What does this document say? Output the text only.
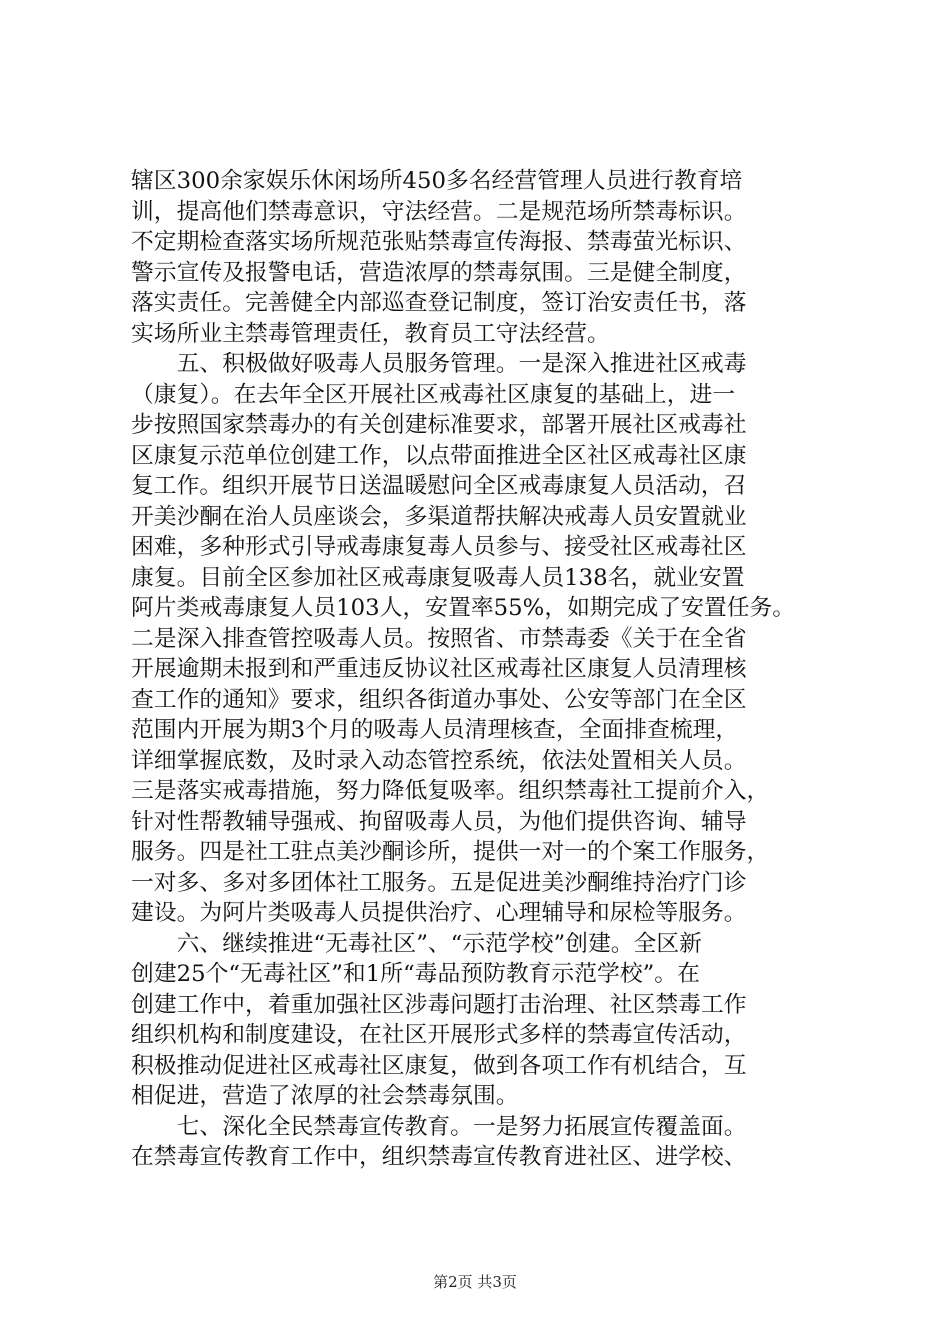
辖区300余家娱乐休闲场所450多名经营管理人员进行教育培
训，提高他们禁毒意识，守法经营。二是规范场所禁毒标识。
不定期检查落实场所规范张贴禁毒宣传海报、禁毒萤光标识、
警示宣传及报警电话，营造浓厚的禁毒氛围。三是健全制度，
落实责任。完善健全内部巡查登记制度，签订治安责任书，落
实场所业主禁毒管理责任，教育员工守法经营。
　　五、积极做好吸毒人员服务管理。一是深入推进社区戒毒
（康复）。在去年全区开展社区戒毒社区康复的基础上，进一
步按照国家禁毒办的有关创建标准要求，部署开展社区戒毒社
区康复示范单位创建工作，以点带面推进全区社区戒毒社区康
复工作。组织开展节日送温暖慰问全区戒毒康复人员活动，召
开美沙酮在治人员座谈会，多渠道帮扶解决戒毒人员安置就业
困难，多种形式引导戒毒康复毒人员参与、接受社区戒毒社区
康复。目前全区参加社区戒毒康复吸毒人员138名，就业安置
阿片类戒毒康复人员103人，安置率55%，如期完成了安置任务。
二是深入排查管控吸毒人员。按照省、市禁毒委《关于在全省
开展逾期未报到和严重违反协议社区戒毒社区康复人员清理核
查工作的通知》要求，组织各街道办事处、公安等部门在全区
范围内开展为期3个月的吸毒人员清理核查，全面排查梳理，
详细掌握底数，及时录入动态管控系统，依法处置相关人员。
三是落实戒毒措施，努力降低复吸率。组织禁毒社工提前介入，
针对性帮教辅导强戒、拘留吸毒人员，为他们提供咨询、辅导
服务。四是社工驻点美沙酮诊所，提供一对一的个案工作服务，
一对多、多对多团体社工服务。五是促进美沙酮维持治疗门诊
建设。为阿片类吸毒人员提供治疗、心理辅导和尿检等服务。
　　六、继续推进“无毒社区”、“示范学校”创建。全区新
创建25个“无毒社区”和1所“毒品预防教育示范学校”。在
创建工作中，着重加强社区涉毒问题打击治理、社区禁毒工作
组织机构和制度建设，在社区开展形式多样的禁毒宣传活动，
积极推动促进社区戒毒社区康复，做到各项工作有机结合，互
相促进，营造了浓厚的社会禁毒氛围。
　　七、深化全民禁毒宣传教育。一是努力拓展宣传覆盖面。
在禁毒宣传教育工作中，组织禁毒宣传教育进社区、进学校、
第2页 共3页
